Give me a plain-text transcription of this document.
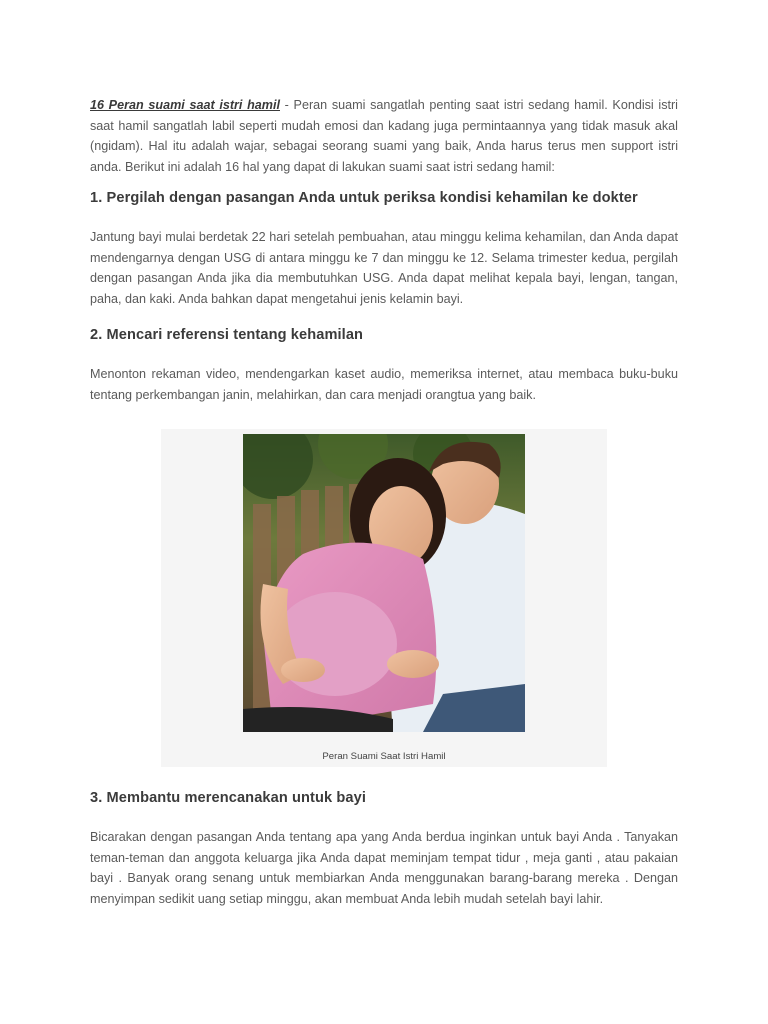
16 Peran suami saat istri hamil - Peran suami sangatlah penting saat istri sedang hamil. Kondisi istri saat hamil sangatlah labil seperti mudah emosi dan kadang juga permintaannya yang tidak masuk akal (ngidam). Hal itu adalah wajar, sebagai seorang suami yang baik, Anda harus terus men support istri anda. Berikut ini adalah 16 hal yang dapat di lakukan suami saat istri sedang hamil:

1. Pergilah dengan pasangan Anda untuk periksa kondisi kehamilan ke dokter

Jantung bayi mulai berdetak 22 hari setelah pembuahan, atau minggu kelima kehamilan, dan Anda dapat mendengarnya dengan USG di antara minggu ke 7 dan minggu ke 12. Selama trimester kedua, pergilah dengan pasangan Anda jika dia membutuhkan USG. Anda dapat melihat kepala bayi, lengan, tangan, paha, dan kaki. Anda bahkan dapat mengetahui jenis kelamin bayi.

2. Mencari referensi tentang kehamilan

Menonton rekaman video, mendengarkan kaset audio, memeriksa internet, atau membaca buku-buku tentang perkembangan janin, melahirkan, dan cara menjadi orangtua yang baik.

Peran Suami Saat Istri Hamil
3. Membantu merencanakan untuk bayi

Bicarakan dengan pasangan Anda tentang apa yang Anda berdua inginkan untuk bayi Anda . Tanyakan teman-teman dan anggota keluarga jika Anda dapat meminjam tempat tidur , meja ganti , atau pakaian bayi . Banyak orang senang untuk membiarkan Anda menggunakan barang-barang mereka . Dengan menyimpan sedikit uang setiap minggu, akan membuat Anda lebih mudah setelah bayi lahir.
